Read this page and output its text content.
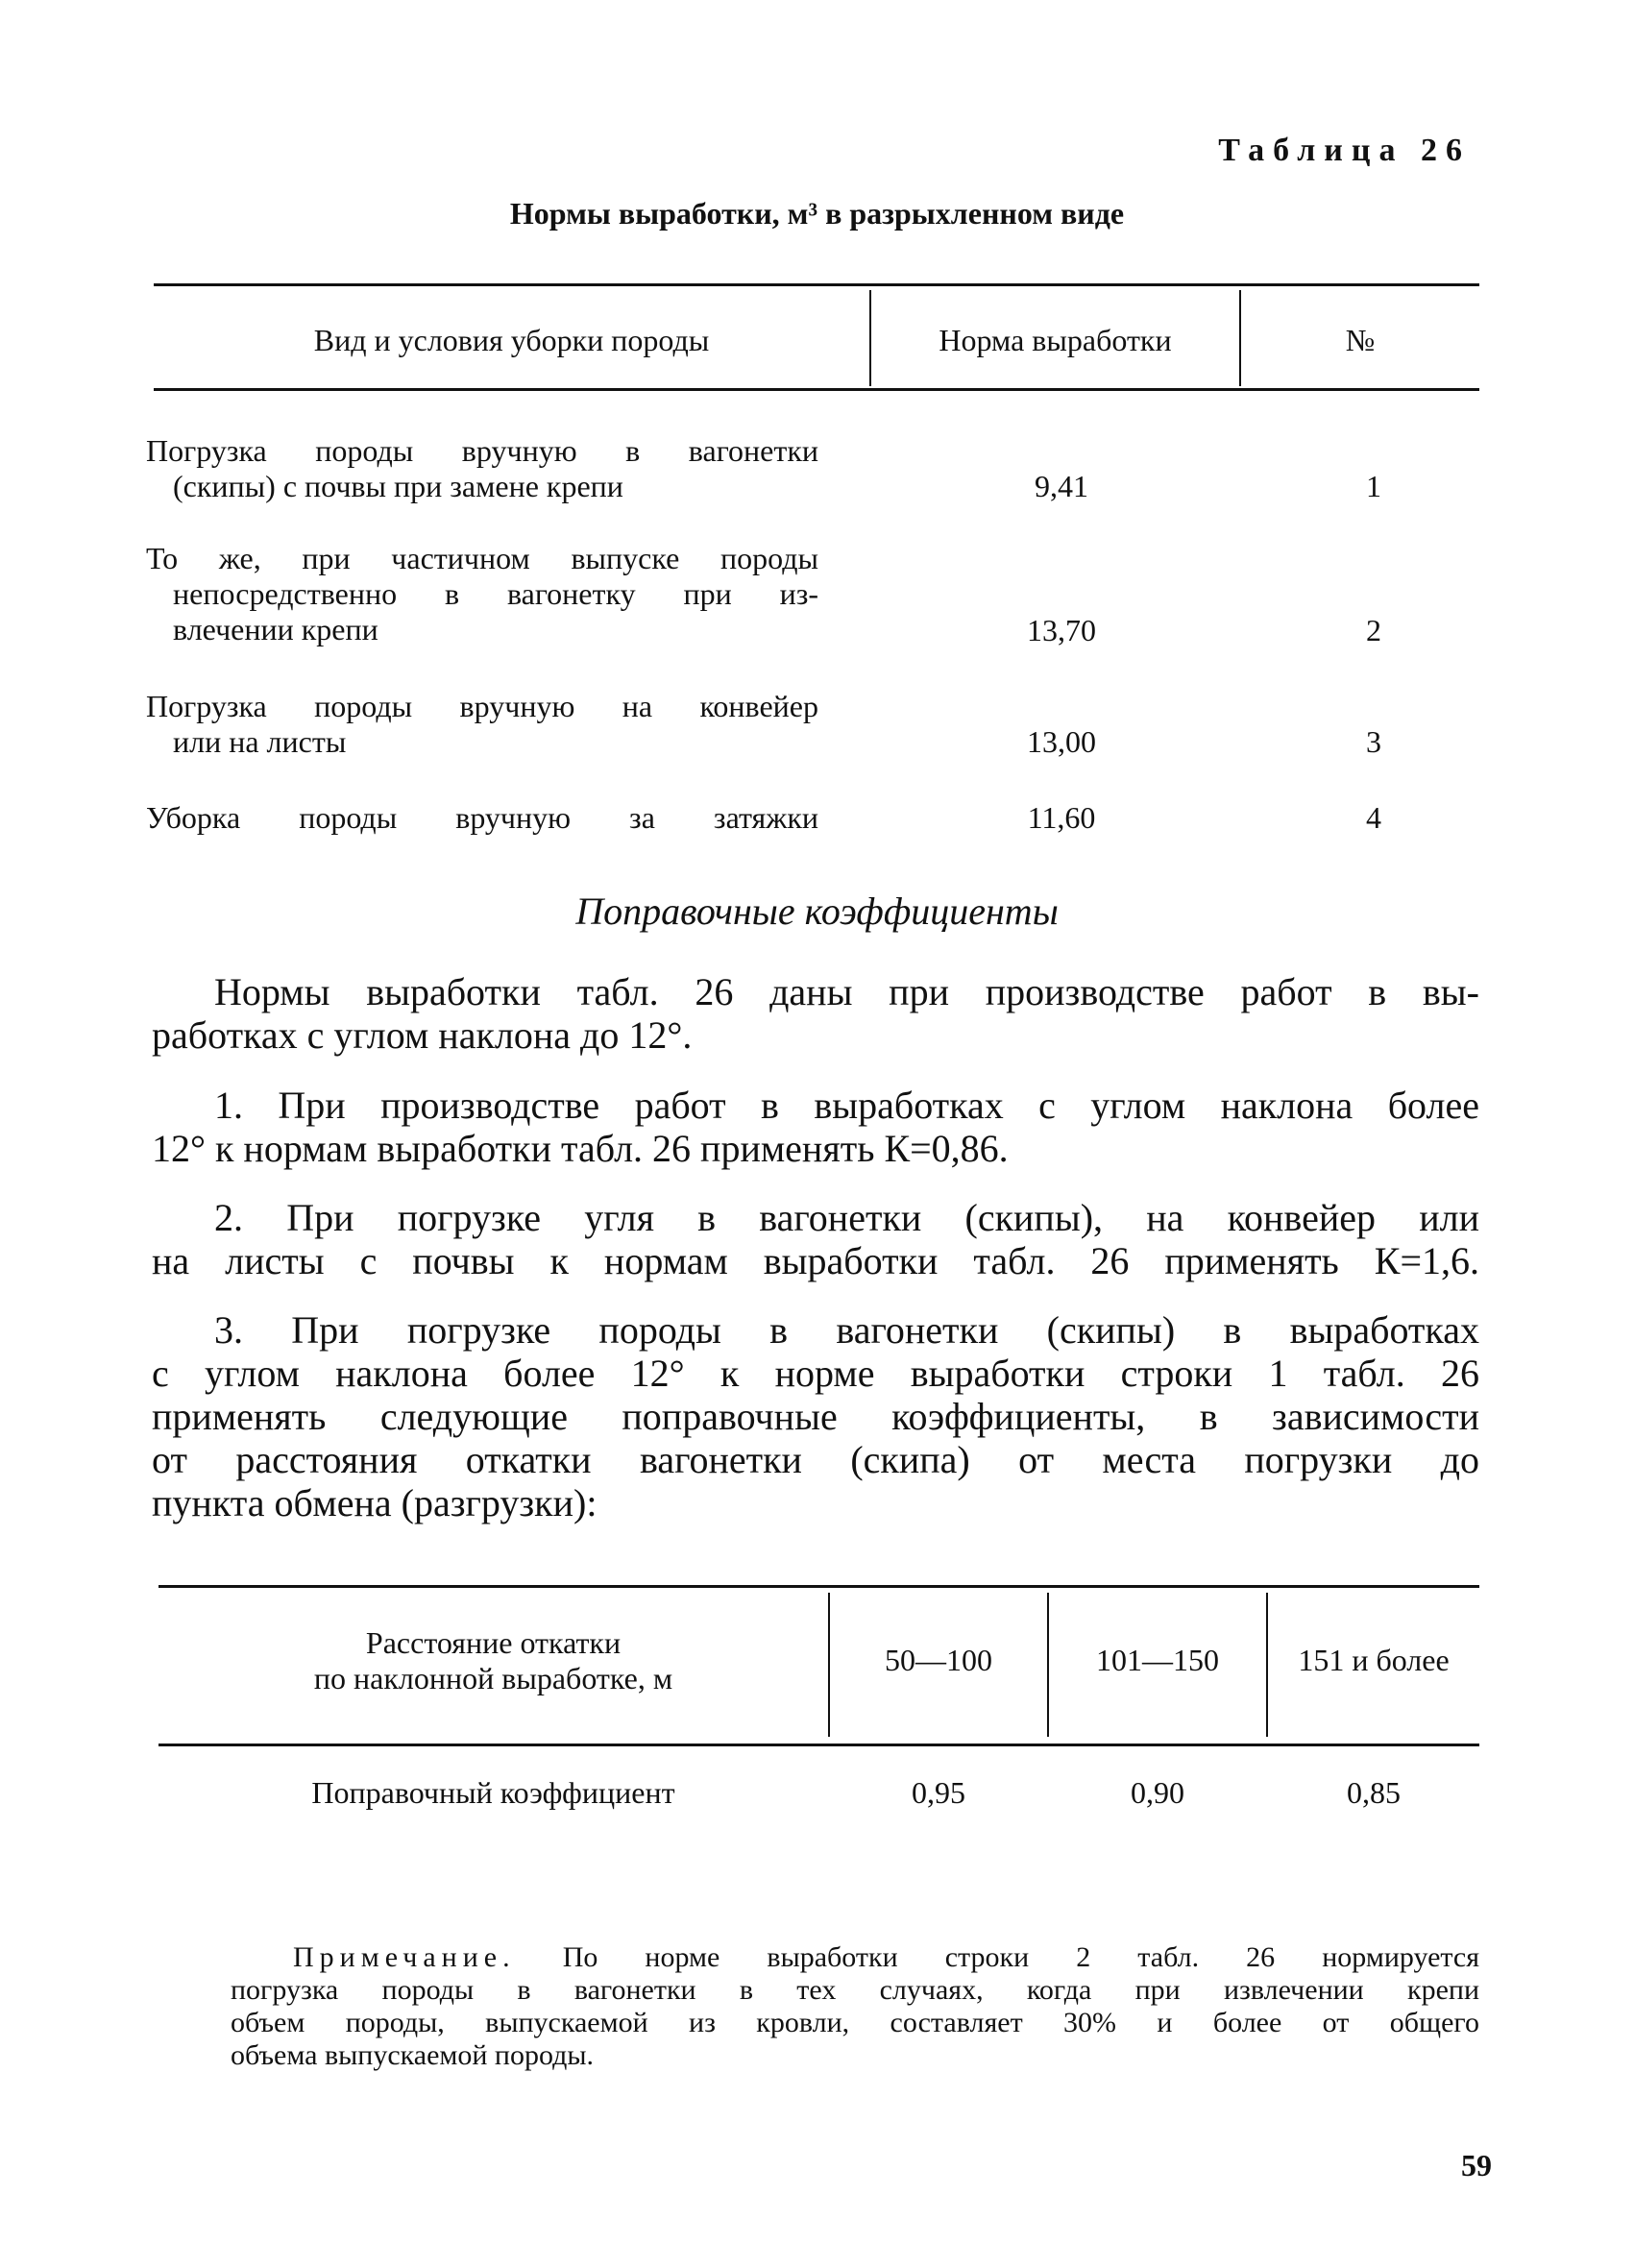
Таблица 26
Нормы выработки, м³ в разрыхленном виде
Вид и условия уборки породы	Норма выработки	№
Погрузка породы вручную в вагонетки
(скипы) с почвы при замене крепи	9,41	1
То же, при частичном выпуске породы
непосредственно в вагонетку при из-
влечении крепи	13,70	2
Погрузка породы вручную на конвейер
или на листы	13,00	3
Уборка породы вручную за затяжки	11,60	4
Поправочные коэффициенты
Нормы выработки табл. 26 даны при производстве работ в вы-
работках с углом наклона до 12°.
1. При производстве работ в выработках с углом наклона более
12° к нормам выработки табл. 26 применять К=0,86.
2. При погрузке угля в вагонетки (скипы), на конвейер или
на листы с почвы к нормам выработки табл. 26 применять К=1,6.
3. При погрузке породы в вагонетки (скипы) в выработках
с углом наклона более 12° к норме выработки строки 1 табл. 26
применять следующие поправочные коэффициенты, в зависимости
от расстояния откатки вагонетки (скипа) от места погрузки до
пункта обмена (разгрузки):
Расстояние откатки
по наклонной выработке, м
50—100	101—150	151 и более
Поправочный коэффициент	0,95	0,90	0,85
Примечание. По норме выработки строки 2 табл. 26 нормируется
погрузка породы в вагонетки в тех случаях, когда при извлечении крепи
объем породы, выпускаемой из кровли, составляет 30% и более от общего
объема выпускаемой породы.
59
